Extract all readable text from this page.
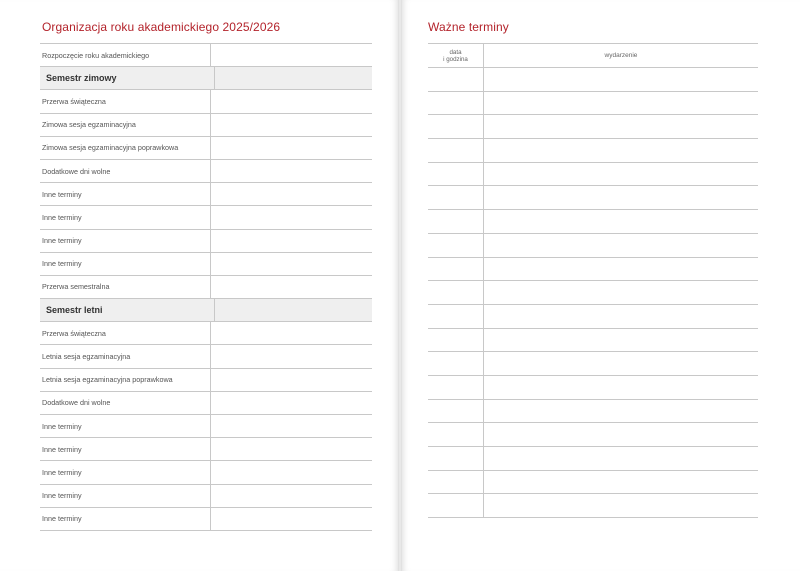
Organizacja roku akademickiego 2025/2026
Rozpoczęcie roku akademickiego
Semestr zimowy
Przerwa świąteczna
Zimowa sesja egzaminacyjna
Zimowa sesja egzaminacyjna poprawkowa
Dodatkowe dni wolne
Inne terminy
Inne terminy
Inne terminy
Inne terminy
Przerwa semestralna
Semestr letni
Przerwa świąteczna
Letnia sesja egzaminacyjna
Letnia sesja egzaminacyjna poprawkowa
Dodatkowe dni wolne
Inne terminy
Inne terminy
Inne terminy
Inne terminy
Inne terminy
Ważne terminy
data
i godzina	wydarzenie
